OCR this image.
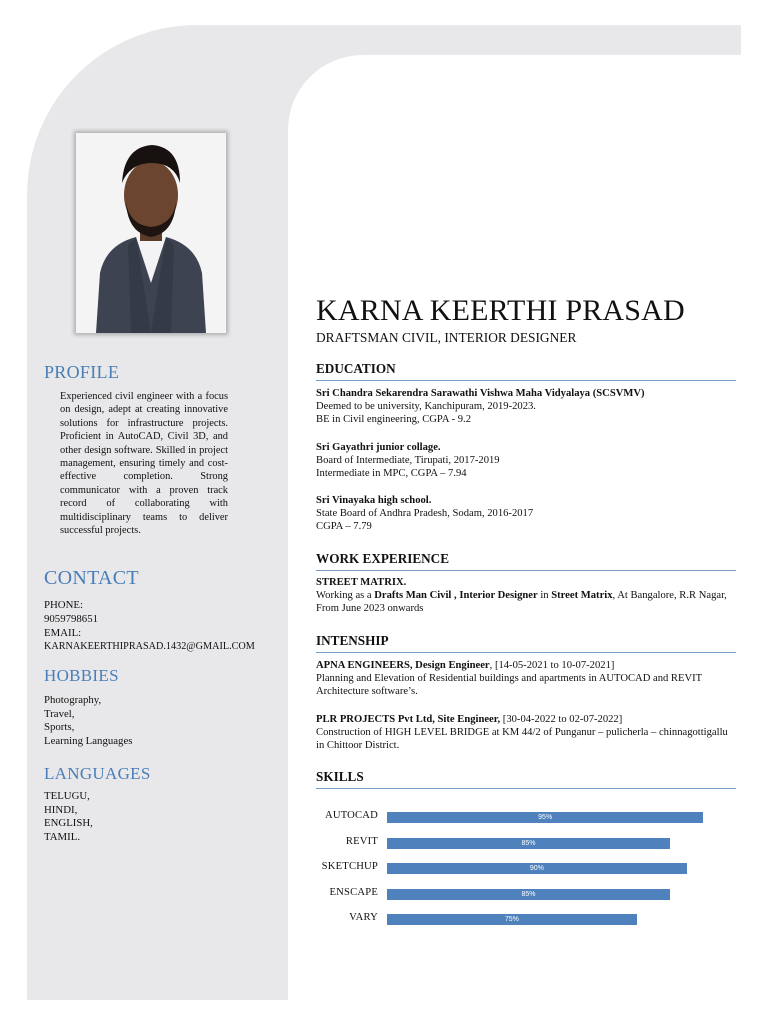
PROFILE
Experienced civil engineer with a focus on design, adept at creating innovative solutions for infrastructure projects. Proficient in AutoCAD, Civil 3D, and other design software. Skilled in project management, ensuring timely and cost-effective completion. Strong communicator with a proven track record of collaborating with multidisciplinary teams to deliver successful projects.
CONTACT
PHONE:
9059798651
EMAIL:
KARNAKEERTHIPRASAD.1432@GMAIL.COM
HOBBIES
Photography,
Travel,
Sports,
Learning Languages
LANGUAGES
TELUGU,
HINDI,
ENGLISH,
TAMIL.
KARNA KEERTHI PRASAD
DRAFTSMAN CIVIL, INTERIOR DESIGNER
EDUCATION
Sri Chandra Sekarendra Sarawathi Vishwa Maha Vidyalaya (SCSVMV)
Deemed to be university, Kanchipuram, 2019-2023.
BE in Civil engineering, CGPA - 9.2
Sri Gayathri junior collage.
Board of Intermediate, Tirupati, 2017-2019
Intermediate in MPC, CGPA – 7.94
Sri Vinayaka high school.
State Board of Andhra Pradesh, Sodam, 2016-2017
CGPA – 7.79
WORK EXPERIENCE
STREET MATRIX.
Working as a Drafts Man Civil , Interior Designer in Street Matrix, At Bangalore, R.R Nagar, From June 2023 onwards
INTENSHIP
APNA ENGINEERS, Design Engineer, [14-05-2021 to 10-07-2021]
Planning and Elevation of Residential buildings and apartments in AUTOCAD and REVIT Architecture software’s.
PLR PROJECTS Pvt Ltd, Site Engineer, [30-04-2022 to 02-07-2022]
Construction of HIGH LEVEL BRIDGE at KM 44/2 of Punganur – pulicherla – chinnagottigallu in Chittoor District.
SKILLS
AUTOCAD	95%
REVIT	85%
SKETCHUP	90%
ENSCAPE	85%
VARY	75%
